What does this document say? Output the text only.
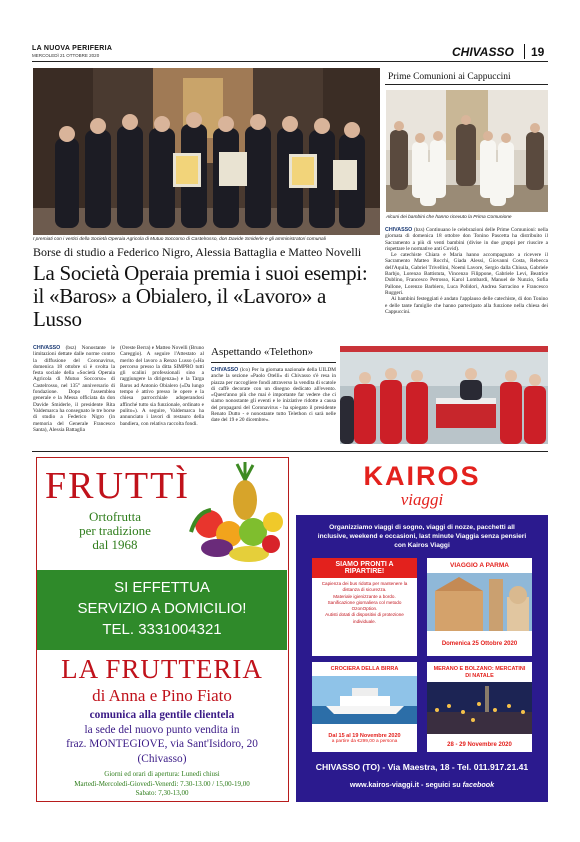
LA NUOVA PERIFERIA
MERCOLEDÌ 21 OTTOBRE 2020	CHIVASSO 19
I premiati con i vertici della Società Operaia Agricola di Mutuo Soccorso di Castelrosso, don Davide Smiderle e gli amministratori comunali
Borse di studio a Federico Nigro, Alessia Battaglia e Matteo Novelli
La Società Operaia premia i suoi esempi: il «Baros» a Obialero, il «Lavoro» a Lusso
CHIVASSO (bsz) Nonostante le limitazioni dettate dalle norme contro la diffusione del Coronavirus, domenica 18 ottobre si è svolta la festa sociale della «Società Operaia Agricola di Mutuo Soccorso» di Castelrosso, nel 135° anniversario di fondazione. Dopo l'assemblea generale e la Messa officiata da don Davide Smiderle, il presidente Rita Valdemarca ha consegnato le tre borse di studio a Federico Nigro (in memoria del Generale Francesco Santa), Alessia Battaglia
(Oreste Berra) e Matteo Novelli (Bruno Careggio). A seguire l'Attestato al merito del lavoro a Renzo Lusso («Ha percorso presso la ditta SIMPRO tutti gli scalini professionali sino a raggiungere la dirigenza») e la Targa Baros ad Antonio Obialero («Da lungo tempo è attivo presso le opere e la chiesa parrocchiale adoperandosi affinché tutto sia funzionale, ordinato e pulito»). A seguire, Valdemarca ha annunciato i lavori di restauro della bandiera, con relativa raccolta fondi.
Aspettando «Telethon»
CHIVASSO (lco) Per la giornata nazionale della UILDM anche la sezione «Paolo Otelli» di Chivasso s'è resa in piazza per raccogliere fondi attraverso la vendita di scatole di caffè decorate con un disegno dedicato all'evento. «Quest'anno più che mai è importante far vedere che ci siamo nonostante gli eventi e le iniziative ridotte a causa del propagarsi del Coronavirus - ha spiegato il presidente Renato Dutto - e nonostante tutto Telethon ci sarà nelle date del 19 e 20 dicembre».
Prime Comunioni ai Cappuccini
Alcuni dei bambini che hanno ricevuto la Prima Comunione

CHIVASSO (bzs) Continuano le celebrazioni delle Prime Comunioni: nella giornata di domenica 18 ottobre don Tonino Pascetta ha distribuito il Sacramento a più di venti bambini (divise in due gruppi per riuscire a rispettare le normative anti Covid).

Le catechiste Chiara e Maria hanno accompagnato a ricevere il Sacramento Matteo Rocchi, Giada Alessi, Giovanni Costa, Rebecca dell'Aquila, Gabriel Trivellini, Noemi Lavore, Sergio dalla Chiusa, Gabriele Barbjo, Lorenzo Battistuta, Vincenzo Filippone, Gabriele Levi, Beatrice Dublino, Francesco Petrosso, Karol Lombardi, Manuel de Nunzio, Sofia Pallone, Lorenzo Barbiero, Luca Polidori, Andrea Sarracino e Francesco Ruggeri.

Ai bambini festeggiati è andato l'applauso delle catechiste, di don Tonino e delle tante famiglie che hanno partecipato alla funzione nella chiesa dei Cappuccini.

FRUTTÌ
Ortofrutta
per tradizione
dal 1968
SI EFFETTUA
SERVIZIO A DOMICILIO!
TEL. 3331004321
LA FRUTTERIA
di Anna e Pino Fiato
comunica alla gentile clientela
la sede del nuovo punto vendita in
fraz. MONTEGIOVE, via Sant'Isidoro, 20
(Chivasso)
Giorni ed orari di apertura: Lunedì chiusi
Martedì-Mercoledì-Giovedì-Venerdì: 7.30-13.00 / 15,00-19,00
Sabato: 7,30-13,00
KAIROS
viaggi
Organizziamo viaggi di sogno, viaggi di nozze, pacchetti all inclusive, weekend e occasioni, last minute Viaggia senza pensieri con Kairos Viaggi
SIAMO PRONTI A RIPARTIRE!
Capienza dei bus ridotta per mantenere la distanza di sicurezza.
Materiale igienizzante a bordo.
Sanificazione giornaliera col metodo OzonOption.
Autisti dotati di dispositivi di protezione individuale.
VIAGGIO A PARMA
Domenica 25 Ottobre 2020
CROCIERA DELLA BIRRA
Dal 15 al 19 Novembre 2020
a partire da €299,00 a persona
MERANO E BOLZANO: MERCATINI DI NATALE
28 - 29 Novembre 2020
CHIVASSO (TO) - Via Maestra, 18 - Tel. 011.917.21.41
www.kairos-viaggi.it - seguici su facebook
